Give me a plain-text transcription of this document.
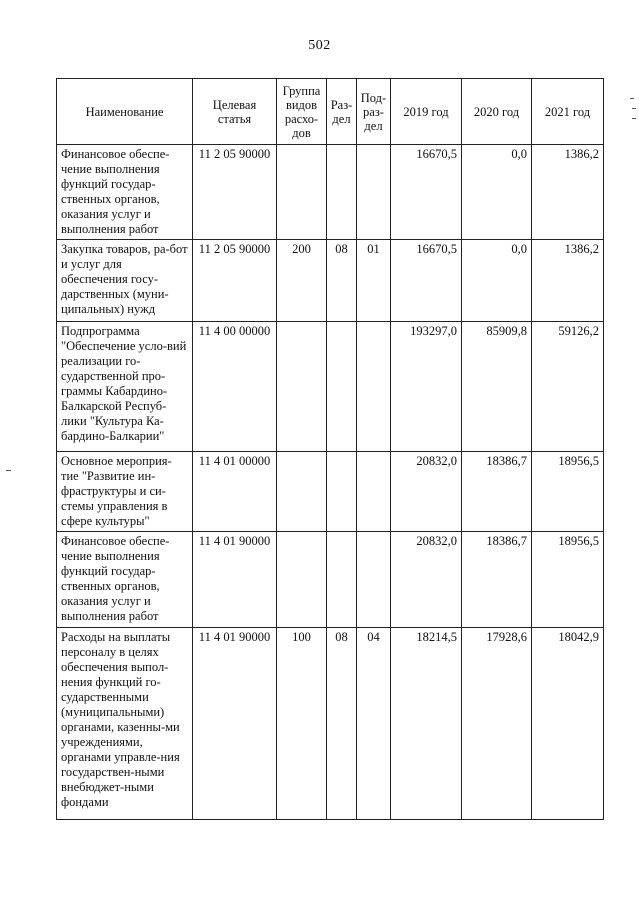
502
Наименование	Целевая статья	Группа видов расхо-дов	Раз-дел	Под-раз-дел	2019 год	2020 год	2021 год
Финансовое обеспе-чение выполнения функций государ-ственных органов, оказания услуг и выполнения работ	11 2 05 90000				16670,5	0,0	1386,2
Закупка товаров, ра-бот и услуг для обеспечения госу-дарственных (муни-ципальных) нужд	11 2 05 90000	200	08	01	16670,5	0,0	1386,2
Подпрограмма "Обеспечение усло-вий реализации го-сударственной про-граммы Кабардино-Балкарской Респуб-лики "Культура Ка-бардино-Балкарии"	11 4 00 00000				193297,0	85909,8	59126,2
Основное мероприя-тие "Развитие ин-фраструктуры и си-стемы управления в сфере культуры"	11 4 01 00000				20832,0	18386,7	18956,5
Финансовое обеспе-чение выполнения функций государ-ственных органов, оказания услуг и выполнения работ	11 4 01 90000				20832,0	18386,7	18956,5
Расходы на выплаты персоналу в целях обеспечения выпол-нения функций го-сударственными (муниципальными) органами, казенны-ми учреждениями, органами управле-ния государствен-ными внебюджет-ными фондами	11 4 01 90000	100	08	04	18214,5	17928,6	18042,9
